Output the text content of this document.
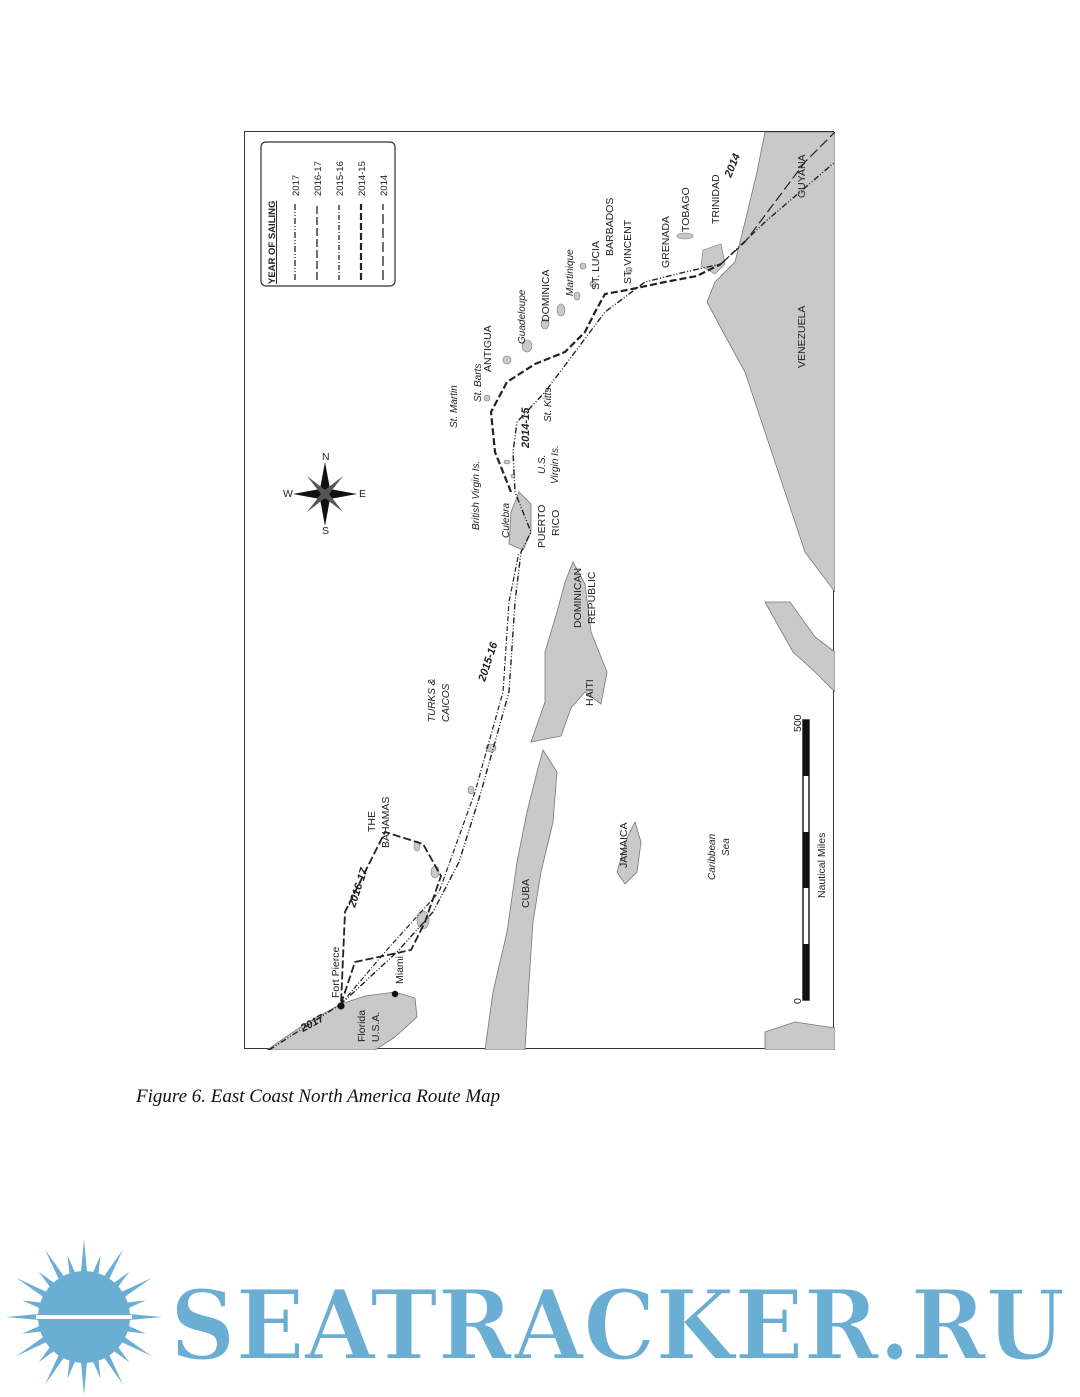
YEAR OF SAILING
2017 2016-17 2015-16 2014-15 2014
N
E
S
W
0
500
Nautical Miles
Fort Pierce	Miami
Florida U.S.A.
THE BAHAMAS
TURKS & CAICOS
CUBA
JAMAICA
HAITI
DOMINICAN REPUBLIC
PUERTO RICO
Culebra
British Virgin Is.	U.S. Virgin Is.
St. Martin
St. Barts
St. Kitts
ANTIGUA
Guadeloupe DOMINICA Martinique ST. LUCIA
BARBADOS ST. VINCENT GRENADA
TOBAGO TRINIDAD
VENEZUELA
GUYANA
Caribbean Sea
2017
2016-17
2015-16
2014-15
2014
Figure 6. East Coast North America Route Map
SEATRACKER.RU
